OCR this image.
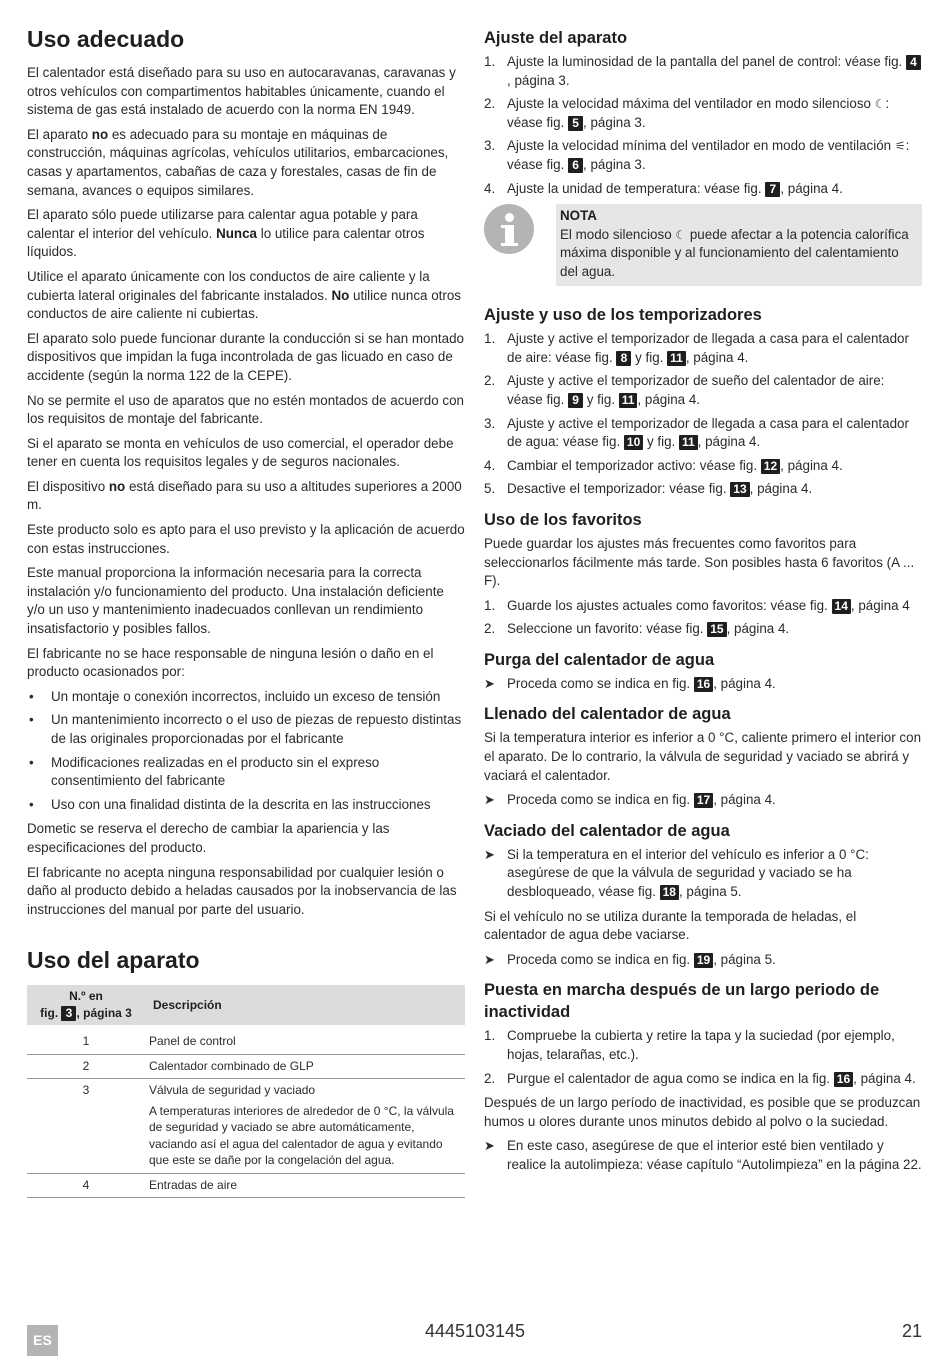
Uso adecuado

El calentador está diseñado para su uso en autocaravanas, caravanas y otros vehículos con compartimentos habitables únicamente, cuando el sistema de gas está instalado de acuerdo con la norma EN 1949.

El aparato no es adecuado para su montaje en máquinas de construcción, máquinas agrícolas, vehículos utilitarios, embarcaciones, casas y apartamentos, cabañas de caza y forestales, casas de fin de semana, avances o equipos similares.

El aparato sólo puede utilizarse para calentar agua potable y para calentar el interior del vehículo. Nunca lo utilice para calentar otros líquidos.

Utilice el aparato únicamente con los conductos de aire caliente y la cubierta lateral originales del fabricante instalados. No utilice nunca otros conductos de aire caliente ni cubiertas.

El aparato solo puede funcionar durante la conducción si se han montado dispositivos que impidan la fuga incontrolada de gas licuado en caso de accidente (según la norma 122 de la CEPE).

No se permite el uso de aparatos que no estén montados de acuerdo con los requisitos de montaje del fabricante.

Si el aparato se monta en vehículos de uso comercial, el operador debe tener en cuenta los requisitos legales y de seguros nacionales.

El dispositivo no está diseñado para su uso a altitudes superiores a 2000 m.

Este producto solo es apto para el uso previsto y la aplicación de acuerdo con estas instrucciones.

Este manual proporciona la información necesaria para la correcta instalación y/o funcionamiento del producto. Una instalación deficiente y/o un uso y mantenimiento inadecuados conllevan un rendimiento insatisfactorio y posibles fallos.

El fabricante no se hace responsable de ninguna lesión o daño en el producto ocasionados por:

• Un montaje o conexión incorrectos, incluido un exceso de tensión
• Un mantenimiento incorrecto o el uso de piezas de repuesto distintas de las originales proporcionadas por el fabricante
• Modificaciones realizadas en el producto sin el expreso consentimiento del fabricante
• Uso con una finalidad distinta de la descrita en las instrucciones

Dometic se reserva el derecho de cambiar la apariencia y las especificaciones del producto.

El fabricante no acepta ninguna responsabilidad por cualquier lesión o daño al producto debido a heladas causados por la inobservancia de las instrucciones del manual por parte del usuario.

Uso del aparato
N.º en
fig. 3 , página 3	Descripción
1	Panel de control
2	Calentador combinado de GLP
3	Válvula de seguridad y vaciado
A temperaturas interiores de alrededor de 0 °C, la válvula de seguridad y vaciado se abre automáticamente, vaciando así el agua del calentador de agua y evitando que este se dañe por la congelación del agua.

4	Entradas de aire
Ajuste del aparato
1. Ajuste la luminosidad de la pantalla del panel de control: véase fig. 4, página 3.
2. Ajuste la velocidad máxima del ventilador en modo silencioso ☾: véase fig. 5 , página 3.
3. Ajuste la velocidad mínima del ventilador en modo de ventilación ⚟: véase fig. 6 , página 3.
4. Ajuste la unidad de temperatura: véase fig. 7 , página 4.
NOTA
El modo silencioso ☾ puede afectar a la potencia calorífica máxima disponible y al funcionamiento del calentamiento del agua.
Ajuste y uso de los temporizadores
1. Ajuste y active el temporizador de llegada a casa para el calentador de aire: véase fig. 8 y fig. 11 , página 4.
2. Ajuste y active el temporizador de sueño del calentador de aire: véase fig. 9 y fig. 11 , página 4.
3. Ajuste y active el temporizador de llegada a casa para el calentador de agua: véase fig. 10 y fig. 11 , página 4.
4. Cambiar el temporizador activo: véase fig. 12 , página 4.
5. Desactive el temporizador: véase fig. 13 , página 4.
Uso de los favoritos

Puede guardar los ajustes más frecuentes como favoritos para seleccionarlos fácilmente más tarde. Son posibles hasta 6 favoritos (A ... F).

1. Guarde los ajustes actuales como favoritos: véase fig. 14 , página 4
2. Seleccione un favorito: véase fig. 15 , página 4.
Purga del calentador de agua
➤ Proceda como se indica en fig. 16 , página 4.
Llenado del calentador de agua

Si la temperatura interior es inferior a 0 °C, caliente primero el interior con el aparato. De lo contrario, la válvula de seguridad y vaciado se abrirá y vaciará el calentador.

➤ Proceda como se indica en fig. 17 , página 4.
Vaciado del calentador de agua
➤ Si la temperatura en el interior del vehículo es inferior a 0 °C: asegúrese de que la válvula de seguridad y vaciado se ha desbloqueado, véase fig. 18 , página 5.

Si el vehículo no se utiliza durante la temporada de heladas, el calentador de agua debe vaciarse.

➤ Proceda como se indica en fig. 19 , página 5.
Puesta en marcha después de un largo periodo de inactividad
1. Compruebe la cubierta y retire la tapa y la suciedad (por ejemplo, hojas, telarañas, etc.).
2. Purgue el calentador de agua como se indica en la fig. 16 , página 4.

Después de un largo período de inactividad, es posible que se produzcan humos u olores durante unos minutos debido al polvo o la suciedad.

➤ En este caso, asegúrese de que el interior esté bien ventilado y realice la autolimpieza: véase capítulo “Autolimpieza” en la página 22.
ES	4445103145	21
